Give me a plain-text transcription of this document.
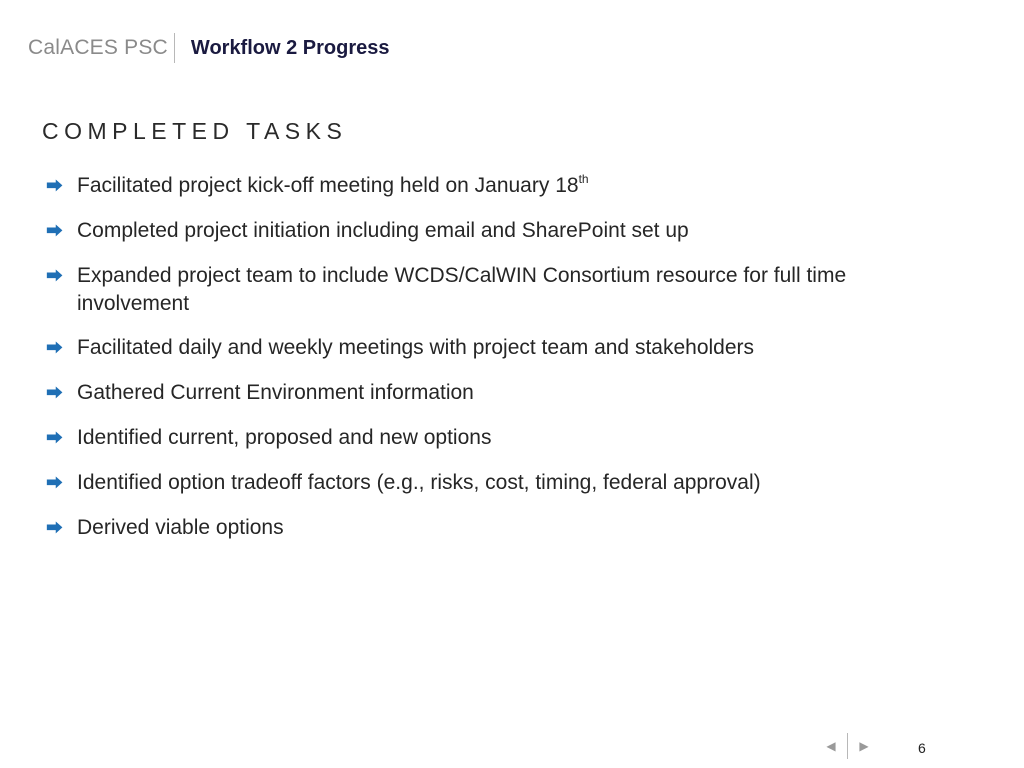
CalACES PSC	Workflow 2 Progress
COMPLETED TASKS
⮕ Facilitated project kick-off meeting held on January 18th
⮕ Completed project initiation including email and SharePoint set up
⮕ Expanded project team to include WCDS/CalWIN Consortium resource for full time involvement
⮕ Facilitated daily and weekly meetings with project team and stakeholders
⮕ Gathered Current Environment information
⮕ Identified current, proposed and new options
⮕ Identified option tradeoff factors (e.g., risks, cost, timing, federal approval)
⮕ Derived viable options
◀ ▶	6
